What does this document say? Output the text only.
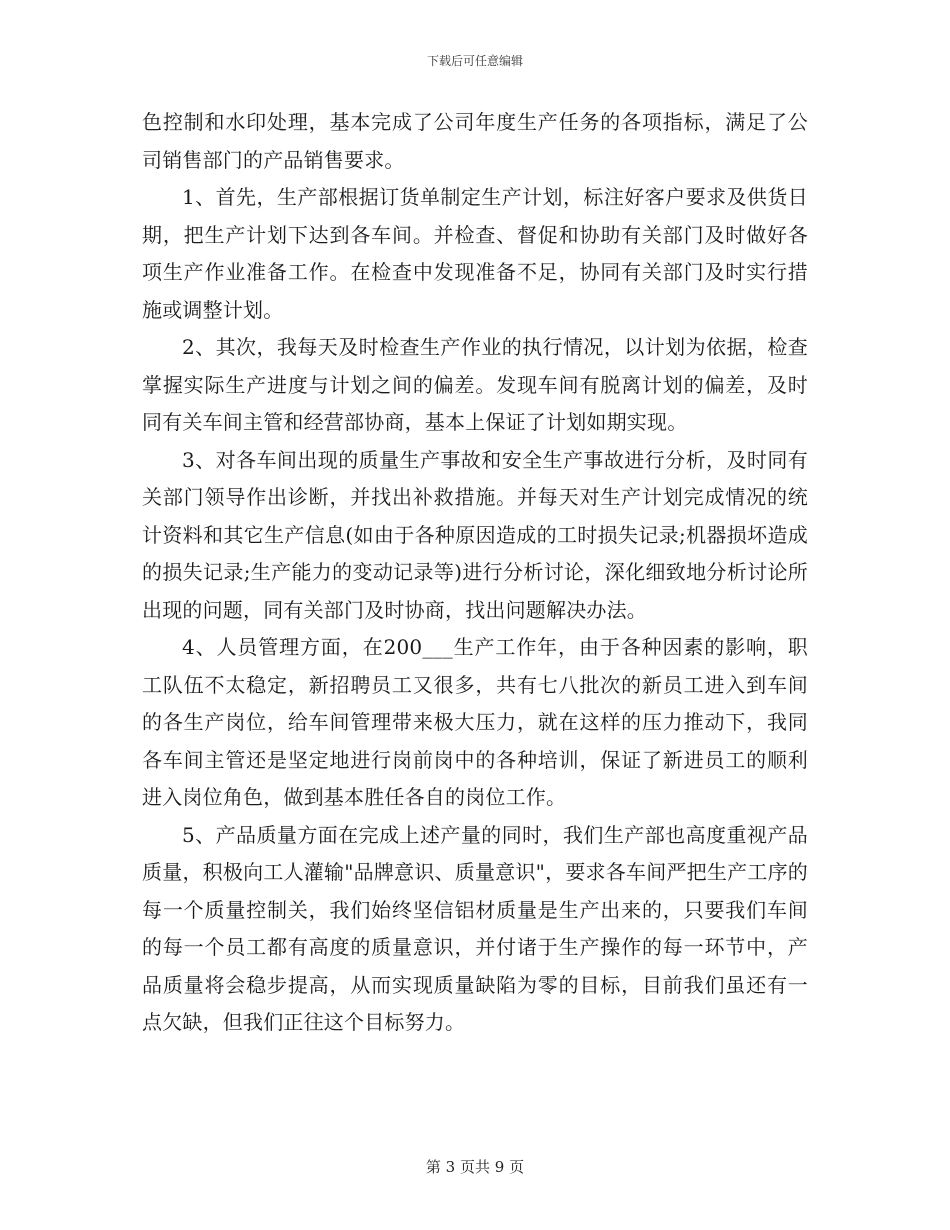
下载后可任意编辑

色控制和水印处理，基本完成了公司年度生产任务的各项指标，满足了公司销售部门的产品销售要求。

1、首先，生产部根据订货单制定生产计划，标注好客户要求及供货日期，把生产计划下达到各车间。并检查、督促和协助有关部门及时做好各项生产作业准备工作。在检查中发现准备不足，协同有关部门及时实行措施或调整计划。

2、其次，我每天及时检查生产作业的执行情况，以计划为依据，检查掌握实际生产进度与计划之间的偏差。发现车间有脱离计划的偏差，及时同有关车间主管和经营部协商，基本上保证了计划如期实现。

3、对各车间出现的质量生产事故和安全生产事故进行分析，及时同有关部门领导作出诊断，并找出补救措施。并每天对生产计划完成情况的统计资料和其它生产信息(如由于各种原因造成的工时损失记录;机器损坏造成的损失记录;生产能力的变动记录等)进行分析讨论，深化细致地分析讨论所出现的问题，同有关部门及时协商，找出问题解决办法。

4、人员管理方面，在200___生产工作年，由于各种因素的影响，职工队伍不太稳定，新招聘员工又很多，共有七八批次的新员工进入到车间的各生产岗位，给车间管理带来极大压力，就在这样的压力推动下，我同各车间主管还是坚定地进行岗前岗中的各种培训，保证了新进员工的顺利进入岗位角色，做到基本胜任各自的岗位工作。

5、产品质量方面在完成上述产量的同时，我们生产部也高度重视产品质量，积极向工人灌输"品牌意识、质量意识"，要求各车间严把生产工序的每一个质量控制关，我们始终坚信铝材质量是生产出来的，只要我们车间的每一个员工都有高度的质量意识，并付诸于生产操作的每一环节中，产品质量将会稳步提高，从而实现质量缺陷为零的目标，目前我们虽还有一点欠缺，但我们正往这个目标努力。

第 3 页共 9 页
